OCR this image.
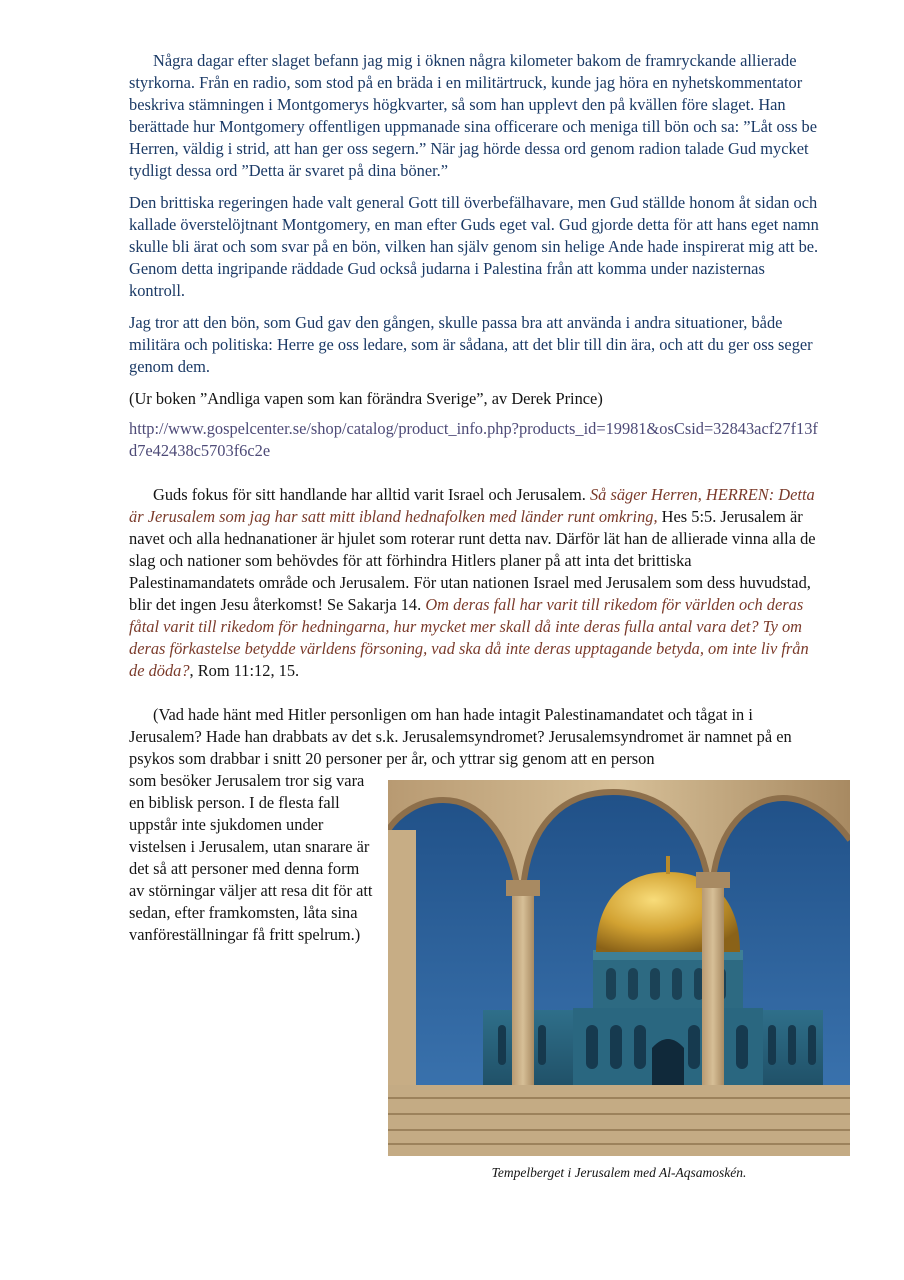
Några dagar efter slaget befann jag mig i öknen några kilometer bakom de framryckande allierade styrkorna. Från en radio, som stod på en bräda i en militärtruck, kunde jag höra en nyhetskommentator beskriva stämningen i Montgomerys högkvarter, så som han upplevt den på kvällen före slaget. Han berättade hur Montgomery offentligen uppmanade sina officerare och meniga till bön och sa: ”Låt oss be Herren, väldig i strid, att han ger oss segern.” När jag hörde dessa ord genom radion talade Gud mycket tydligt dessa ord ”Detta är svaret på dina böner.”

Den brittiska regeringen hade valt general Gott till överbefälhavare, men Gud ställde honom åt sidan och kallade överstelöjtnant Montgomery, en man efter Guds eget val. Gud gjorde detta för att hans eget namn skulle bli ärat och som svar på en bön, vilken han själv genom sin helige Ande hade inspirerat mig att be. Genom detta ingripande räddade Gud också judarna i Palestina från att komma under nazisternas kontroll.

Jag tror att den bön, som Gud gav den gången, skulle passa bra att använda i andra situationer, både militära och politiska: Herre ge oss ledare, som är sådana, att det blir till din ära, och att du ger oss seger genom dem.

(Ur boken ”Andliga vapen som kan förändra Sverige”, av Derek Prince)

http://www.gospelcenter.se/shop/catalog/product_info.php?products_id=19981&osCsid=32843acf27f13fd7e42438c5703f6c2e

Guds fokus för sitt handlande har alltid varit Israel och Jerusalem. Så säger Herren, HERREN: Detta är Jerusalem som jag har satt mitt ibland hednafolken med länder runt omkring, Hes 5:5. Jerusalem är navet och alla hednanationer är hjulet som roterar runt detta nav. Därför lät han de allierade vinna alla de slag och nationer som behövdes för att förhindra Hitlers planer på att inta det brittiska Palestinamandatets område och Jerusalem. För utan nationen Israel med Jerusalem som dess huvudstad, blir det ingen Jesu återkomst! Se Sakarja 14. Om deras fall har varit till rikedom för världen och deras fåtal varit till rikedom för hedningarna, hur mycket mer skall då inte deras fulla antal vara det? Ty om deras förkastelse betydde världens försoning, vad ska då inte deras upptagande betyda, om inte liv från de döda?, Rom 11:12, 15.

(Vad hade hänt med Hitler personligen om han hade intagit Palestinamandatet och tågat in i Jerusalem? Hade han drabbats av det s.k. Jerusalemsyndromet? Jerusalemsyndromet är namnet på en psykos som drabbar i snitt 20 personer per år, och yttrar sig genom att en person

som besöker Jerusalem tror sig vara en biblisk person. I de flesta fall uppstår inte sjukdomen under vistelsen i Jerusalem, utan snarare är det så att personer med denna form av störningar väljer att resa dit för att sedan, efter framkomsten, låta sina vanföreställningar få fritt spelrum.)

Tempelberget i Jerusalem med Al-Aqsamoskén.
